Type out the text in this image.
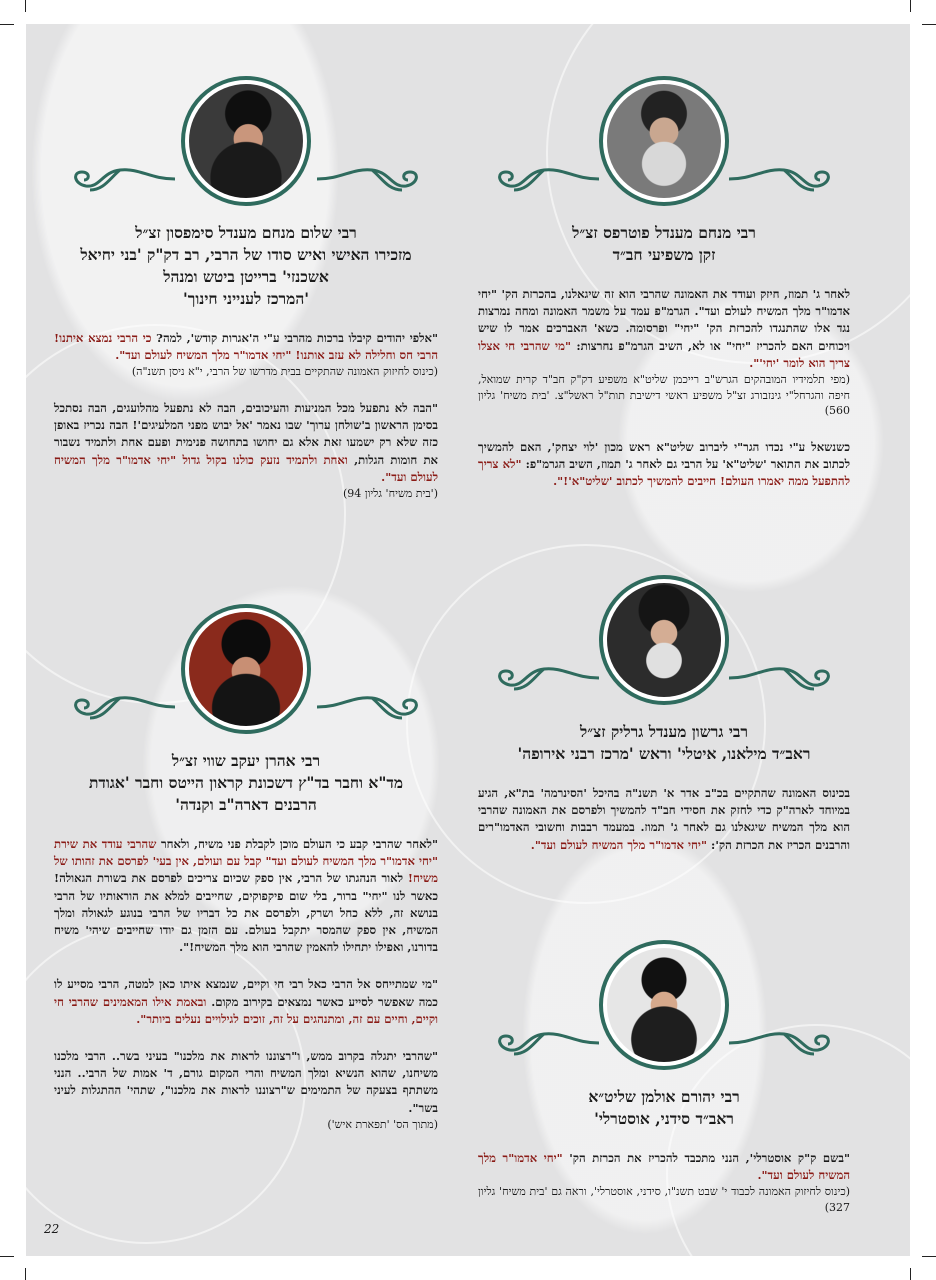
רבי מנחם מענדל פוטרפס זצ״ל
זקן משפיעי חב״ד
לאחר ג' תמוז, חיזק ועודד את האמונה שהרבי הוא זה שיגאלנו, בהכרזת הק' "יחי אדמו"ר מלך המשיח לעולם ועד". הגרמ"פ עמד על משמר האמונה ומחה נמרצות נגד אלו שהתנגדו להכרזת הק' "יחי" ופרסומה. כשא' האברכים אמר לו שיש ויכוחים האם להכריז "יחי" או לא, השיב הגרמ"פ נחרצות: "מי שהרבי חי אצלו צריך הוא לומר 'יחי'".
(מפי תלמידיו המובהקים הגרש"ב רייכמן שליט"א משפיע דק"ק חב"ד קרית שמואל, חיפה והגרחל"י גינזבורג זצ"ל משפיע ראשי דישיבת תות"ל ראשל"צ. 'בית משיח' גליון 560)
כשנשאל ע"י נכדו הגר"י ליברוב שליט"א ראש מכון 'לוי יצחק', האם להמשיך לכתוב את התואר 'שליט"א' על הרבי גם לאחר ג' תמוז, השיב הגרמ"פ: "לא צריך להתפעל ממה יאמרו העולם! חייבים להמשיך לכתוב 'שליט"א'!".
רבי גרשון מענדל גרליק זצ״ל
ראב״ד מילאנו, איטלי' וראש 'מרכז רבני אירופה'
בכינוס האמונה שהתקיים בכ"ב אדר א' תשנ"ה בהיכל 'הסינרמה' בת"א, הגיע במיוחד לארה"ק כדי לחזק את חסידי חב"ד להמשיך ולפרסם את האמונה שהרבי הוא מלך המשיח שיגאלנו גם לאחר ג' תמוז. במעמד רבבות וחשובי האדמו"רים והרבנים הכריז את הכרזת הק': "יחי אדמו"ר מלך המשיח לעולם ועד".
רבי יהורם אולמן שליט״א
ראב״ד סידני, אוסטרלי'
"בשם ק"ק אוסטרלי', הנני מתכבד להכריז את הכרזת הק' "יחי אדמו"ר מלך המשיח לעולם ועד".
(כינוס לחיזוק האמונה לכבוד י' שבט תשנ"ו, סידני, אוסטרלי', וראה גם 'בית משיח' גליון 327)
רבי שלום מנחם מענדל סימפסון זצ״ל
מזכירו האישי ואיש סודו של הרבי, רב דק"ק 'בני יחיאל
אשכנזי' ברייטן ביטש ומנהל
'המרכז לענייני חינוך'
"אלפי יהודים קיבלו ברכות מהרבי ע"י ה'אגרות קודש', למה? כי הרבי נמצא איתנו! הרבי חס וחלילה לא עזב אותנו! "יחי אדמו"ר מלך המשיח לעולם ועד".
(כינוס לחיזוק האמונה שהתקיים בבית מדרשו של הרבי, י"א ניסן תשנ"ה)
"הבה לא נתפעל מכל המניעות והעיכובים, הבה לא נתפעל מהלועגים, הבה נסתכל בסימן הראשון ב'שולחן ערוך' שבו נאמר 'אל יבוש מפני המלעיגים'! הבה נכריז באופן כזה שלא רק ישמעו זאת אלא גם יחושו בתחושה פנימית ופעם אחת ולתמיד נשבור את חומות הגלות, ואחת ולתמיד נזעק כולנו בקול גדול "יחי אדמו"ר מלך המשיח לעולם ועד".
('בית משיח' גליון 94)
רבי אהרן יעקב שווי זצ״ל
מד"א וחבר בד"ץ דשכונת קראון הייטס וחבר 'אגודת
הרבנים דארה"ב וקנדה'
"לאחר שהרבי קבע כי העולם מוכן לקבלת פני משיח, ולאחר שהרבי עודד את שירת "יחי אדמו"ר מלך המשיח לעולם ועד" קבל עם ועולם, אין בעי' לפרסם את זהותו של משיח! לאור הנהגתו של הרבי, אין ספק שכיום צריכים לפרסם את בשורת הגאולה! כאשר לנו "יחי" ברור, בלי שום פיקפוקים, שחייבים למלא את הוראותיו של הרבי בנושא זה, ללא כחל ושרק, ולפרסם את כל דבריו של הרבי בנוגע לגאולה ומלך המשיח, אין ספק שהמסר יתקבל בעולם. עם הזמן גם יודו שחייבים שיהי' משיח בדורנו, ואפילו יתחילו להאמין שהרבי הוא מלך המשיח!".
"מי שמתייחס אל הרבי כאל רבי חי וקיים, שנמצא איתו כאן למטה, הרבי מסייע לו כמה שאפשר לסייע כאשר נמצאים בקירוב מקום. ובאמת אילו המאמינים שהרבי חי וקיים, וחיים עם זה, ומתנהגים על זה, זוכים לגילויים נעלים ביותר".
"שהרבי יתגלה בקרוב ממש, ו"רצוננו לראות את מלכנו" בעיני בשר.. הרבי מלכנו משיחנו, שהוא הנשיא ומלך המשיח והרי המקום גורם, ד' אמות של הרבי.. הנני משתתף בצעקה של התמימים ש"רצוננו לראות את מלכנו", שתהי' ההתגלות לעיני בשר".
(מתוך הס' 'תפארת איש')
22
